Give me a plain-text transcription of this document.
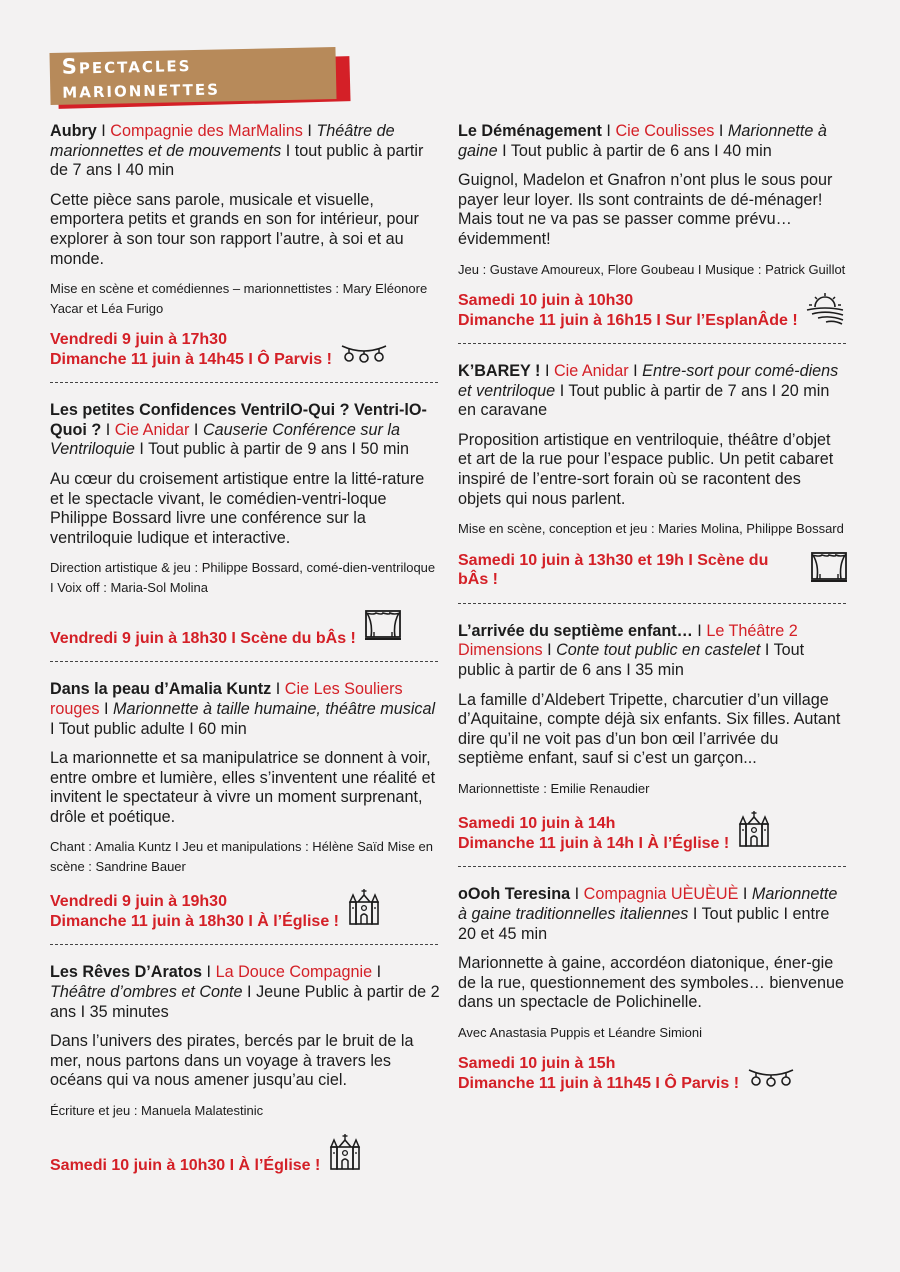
Spectacles marionnettes

Aubry I Compagnie des MarMalins I Théâtre de marionnettes et de mouvements I tout public à partir de 7 ans I 40 min

Cette pièce sans parole, musicale et visuelle, emportera petits et grands en son for intérieur, pour explorer à son tour son rapport l’autre, à soi et au monde.

Mise en scène et comédiennes – marionnettistes : Mary Eléonore Yacar et Léa Furigo

Vendredi 9 juin à 17h30
Dimanche 11 juin à 14h45 I Ô Parvis !

Les petites Confidences VentrilO-Qui ? Ventri-lO-Quoi ? I Cie Anidar I Causerie Conférence sur la Ventriloquie I Tout public à partir de 9 ans I 50 min

Au cœur du croisement artistique entre la litté-rature et le spectacle vivant, le comédien-ventri-loque Philippe Bossard livre une conférence sur la ventriloquie ludique et interactive.

Direction artistique & jeu : Philippe Bossard, comé-dien-ventriloque I Voix off : Maria-Sol Molina

Vendredi 9 juin à 18h30 I Scène du bÂs !

Dans la peau d’Amalia Kuntz I Cie Les Souliers rouges I Marionnette à taille humaine, théâtre musical I Tout public adulte I 60 min

La marionnette et sa manipulatrice se donnent à voir, entre ombre et lumière, elles s’inventent une réalité et invitent le spectateur à vivre un moment surprenant, drôle et poétique.

Chant : Amalia Kuntz I Jeu et manipulations : Hélène Saïd Mise en scène : Sandrine Bauer

Vendredi 9 juin à 19h30
Dimanche 11 juin à 18h30 I À l’Église !

Les Rêves D’Aratos I La Douce Compagnie I Théâtre d’ombres et Conte I Jeune Public à partir de 2 ans I 35 minutes

Dans l’univers des pirates, bercés par le bruit de la mer, nous partons dans un voyage à travers les océans qui va nous amener jusqu’au ciel.

Écriture et jeu : Manuela Malatestinic

Samedi 10 juin à 10h30 I À l’Église !

Le Déménagement I Cie Coulisses I Marionnette à gaine I Tout public à partir de 6 ans I 40 min

Guignol, Madelon et Gnafron n’ont plus le sous pour payer leur loyer. Ils sont contraints de dé-ménager! Mais tout ne va pas se passer comme prévu… évidemment!

Jeu : Gustave Amoureux, Flore Goubeau I Musique : Patrick Guillot

Samedi 10 juin à 10h30
Dimanche 11 juin à 16h15 I Sur l’EsplanÂde !

K’BAREY ! I Cie Anidar I Entre-sort pour comé-diens et ventriloque I Tout public à partir de 7 ans I 20 min en caravane

Proposition artistique en ventriloquie, théâtre d’objet et art de la rue pour l’espace public. Un petit cabaret inspiré de l’entre-sort forain où se racontent des objets qui nous parlent.

Mise en scène, conception et jeu : Maries Molina, Philippe Bossard

Samedi 10 juin à 13h30 et 19h I Scène du bÂs !

L’arrivée du septième enfant… I Le Théâtre 2 Dimensions I Conte tout public en castelet I Tout public à partir de 6 ans I 35 min

La famille d’Aldebert Tripette, charcutier d’un village d’Aquitaine, compte déjà six enfants. Six filles. Autant dire qu’il ne voit pas d’un bon œil l’arrivée du septième enfant, sauf si c’est un garçon...

Marionnettiste : Emilie Renaudier

Samedi 10 juin à 14h
Dimanche 11 juin à 14h I À l’Église !

oOoh Teresina I Compagnia UÈUÈUÈ I Marionnette à gaine traditionnelles italiennes I Tout public I entre 20 et 45 min

Marionnette à gaine, accordéon diatonique, éner-gie de la rue, questionnement des symboles… bienvenue dans un spectacle de Polichinelle.

Avec Anastasia Puppis et Léandre Simioni

Samedi 10 juin à 15h
Dimanche 11 juin à 11h45 I Ô Parvis !
